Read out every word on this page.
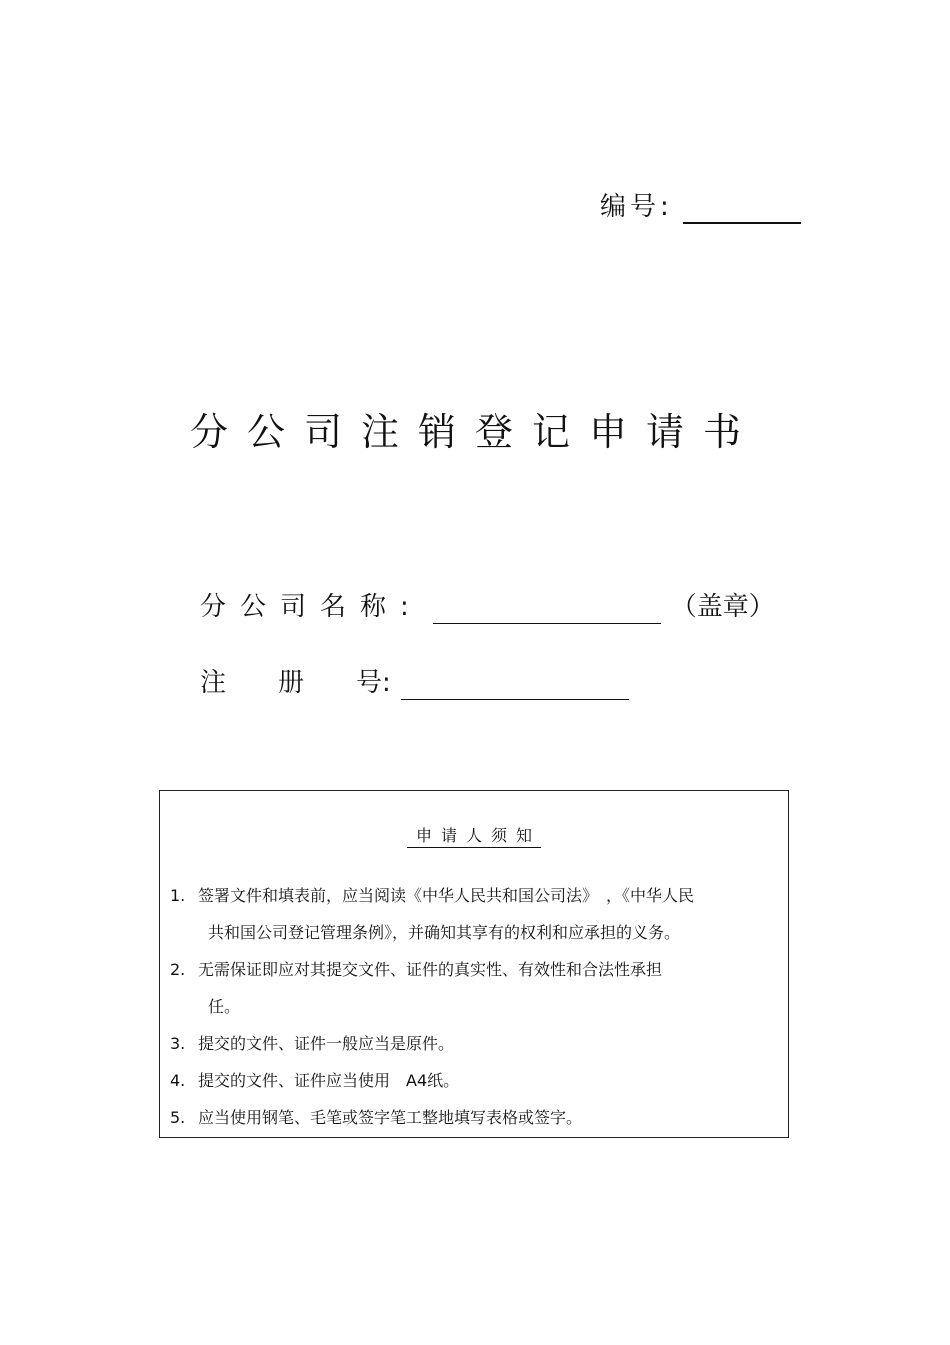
编号:
分公司注销登记申请书
分公司名称:	（盖章）
注　　册　　号:
申请人须知
1. 签署文件和填表前，应当阅读《中华人民共和国公司法》　，《中华人民
共和国公司登记管理条例》，并确知其享有的权利和应承担的义务。
2. 无需保证即应对其提交文件、证件的真实性、有效性和合法性承担
任。
3. 提交的文件、证件一般应当是原件。
4. 提交的文件、证件应当使用　A4纸。
5. 应当使用钢笔、毛笔或签字笔工整地填写表格或签字。
